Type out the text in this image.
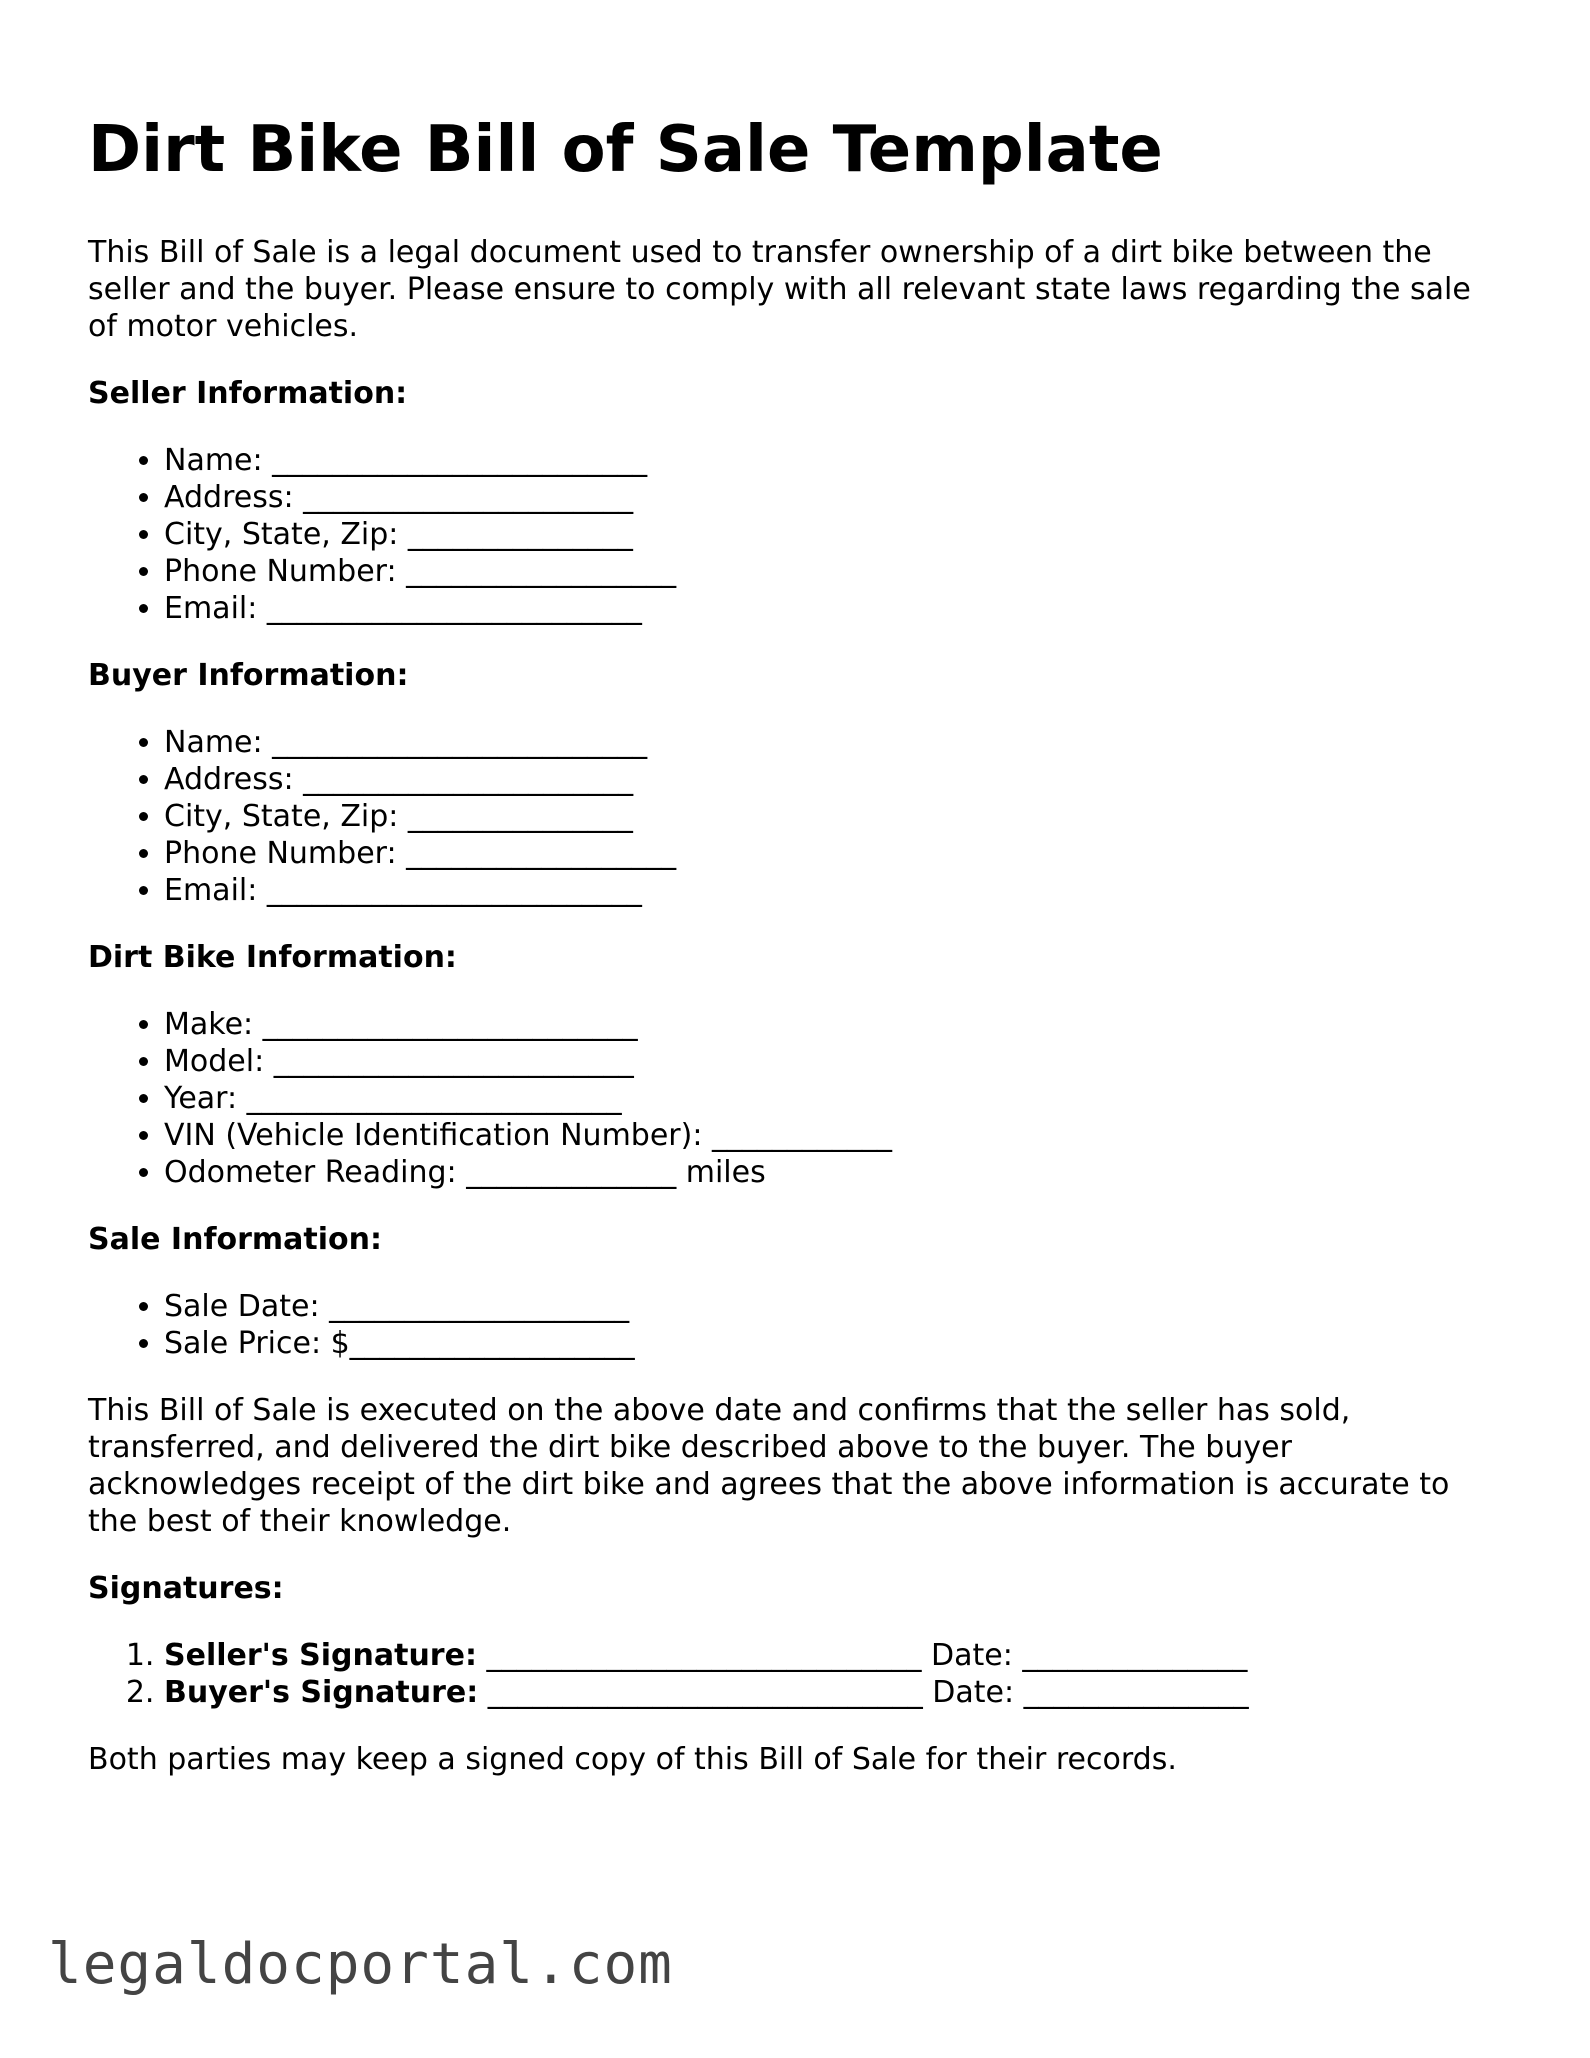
Dirt Bike Bill of Sale Template

This Bill of Sale is a legal document used to transfer ownership of a dirt bike between the seller and the buyer. Please ensure to comply with all relevant state laws regarding the sale of motor vehicles.

Seller Information:
• Name: _________________________
• Address: ______________________
• City, State, Zip: _______________
• Phone Number: __________________
• Email: _________________________
Buyer Information:
• Name: _________________________
• Address: ______________________
• City, State, Zip: _______________
• Phone Number: __________________
• Email: _________________________
Dirt Bike Information:
• Make: _________________________
• Model: ________________________
• Year: _________________________
• VIN (Vehicle Identification Number): ____________
• Odometer Reading: ______________ miles
Sale Information:
• Sale Date: ____________________
• Sale Price: $___________________

This Bill of Sale is executed on the above date and confirms that the seller has sold, transferred, and delivered the dirt bike described above to the buyer. The buyer acknowledges receipt of the dirt bike and agrees that the above information is accurate to the best of their knowledge.

Signatures:
1. Seller's Signature: _____________________________ Date: _______________
2. Buyer's Signature: _____________________________ Date: _______________

Both parties may keep a signed copy of this Bill of Sale for their records.

legaldocportal.com
